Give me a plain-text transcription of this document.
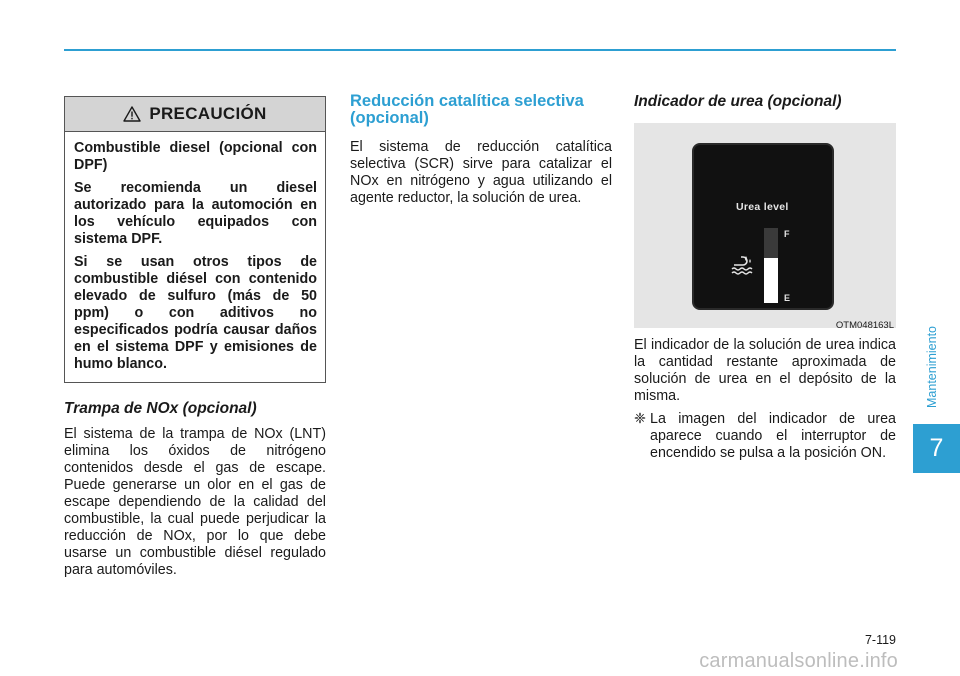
PRECAUCIÓN

Combustible diesel (opcional con DPF)

Se recomienda un diesel autorizado para la automoción en los vehículo equipados con sistema DPF.

Si se usan otros tipos de combustible diésel con contenido elevado de sulfuro (más de 50 ppm) o con aditivos no especificados podría causar daños en el sistema DPF y emisiones de humo blanco.

Trampa de NOx (opcional)

El sistema de la trampa de NOx (LNT) elimina los óxidos de nitrógeno contenidos desde el gas de escape. Puede generarse un olor en el gas de escape dependiendo de la calidad del combustible, la cual puede perjudicar la reducción de NOx, por lo que debe usarse un combustible diésel regulado para automóviles.

Reducción catalítica selectiva (opcional)

El sistema de reducción catalítica selectiva (SCR) sirve para catalizar el NOx en nitrógeno y agua utilizando el agente reductor, la solución de urea.

Indicador de urea (opcional)
Urea level
F
E
OTM048163L

El indicador de la solución de urea indica la cantidad restante aproximada de solución de urea en el depósito de la misma.

❈ La imagen del indicador de urea aparece cuando el interruptor de encendido se pulsa a la posición ON.
Mantenimiento
7
7-119
carmanualsonline.info
